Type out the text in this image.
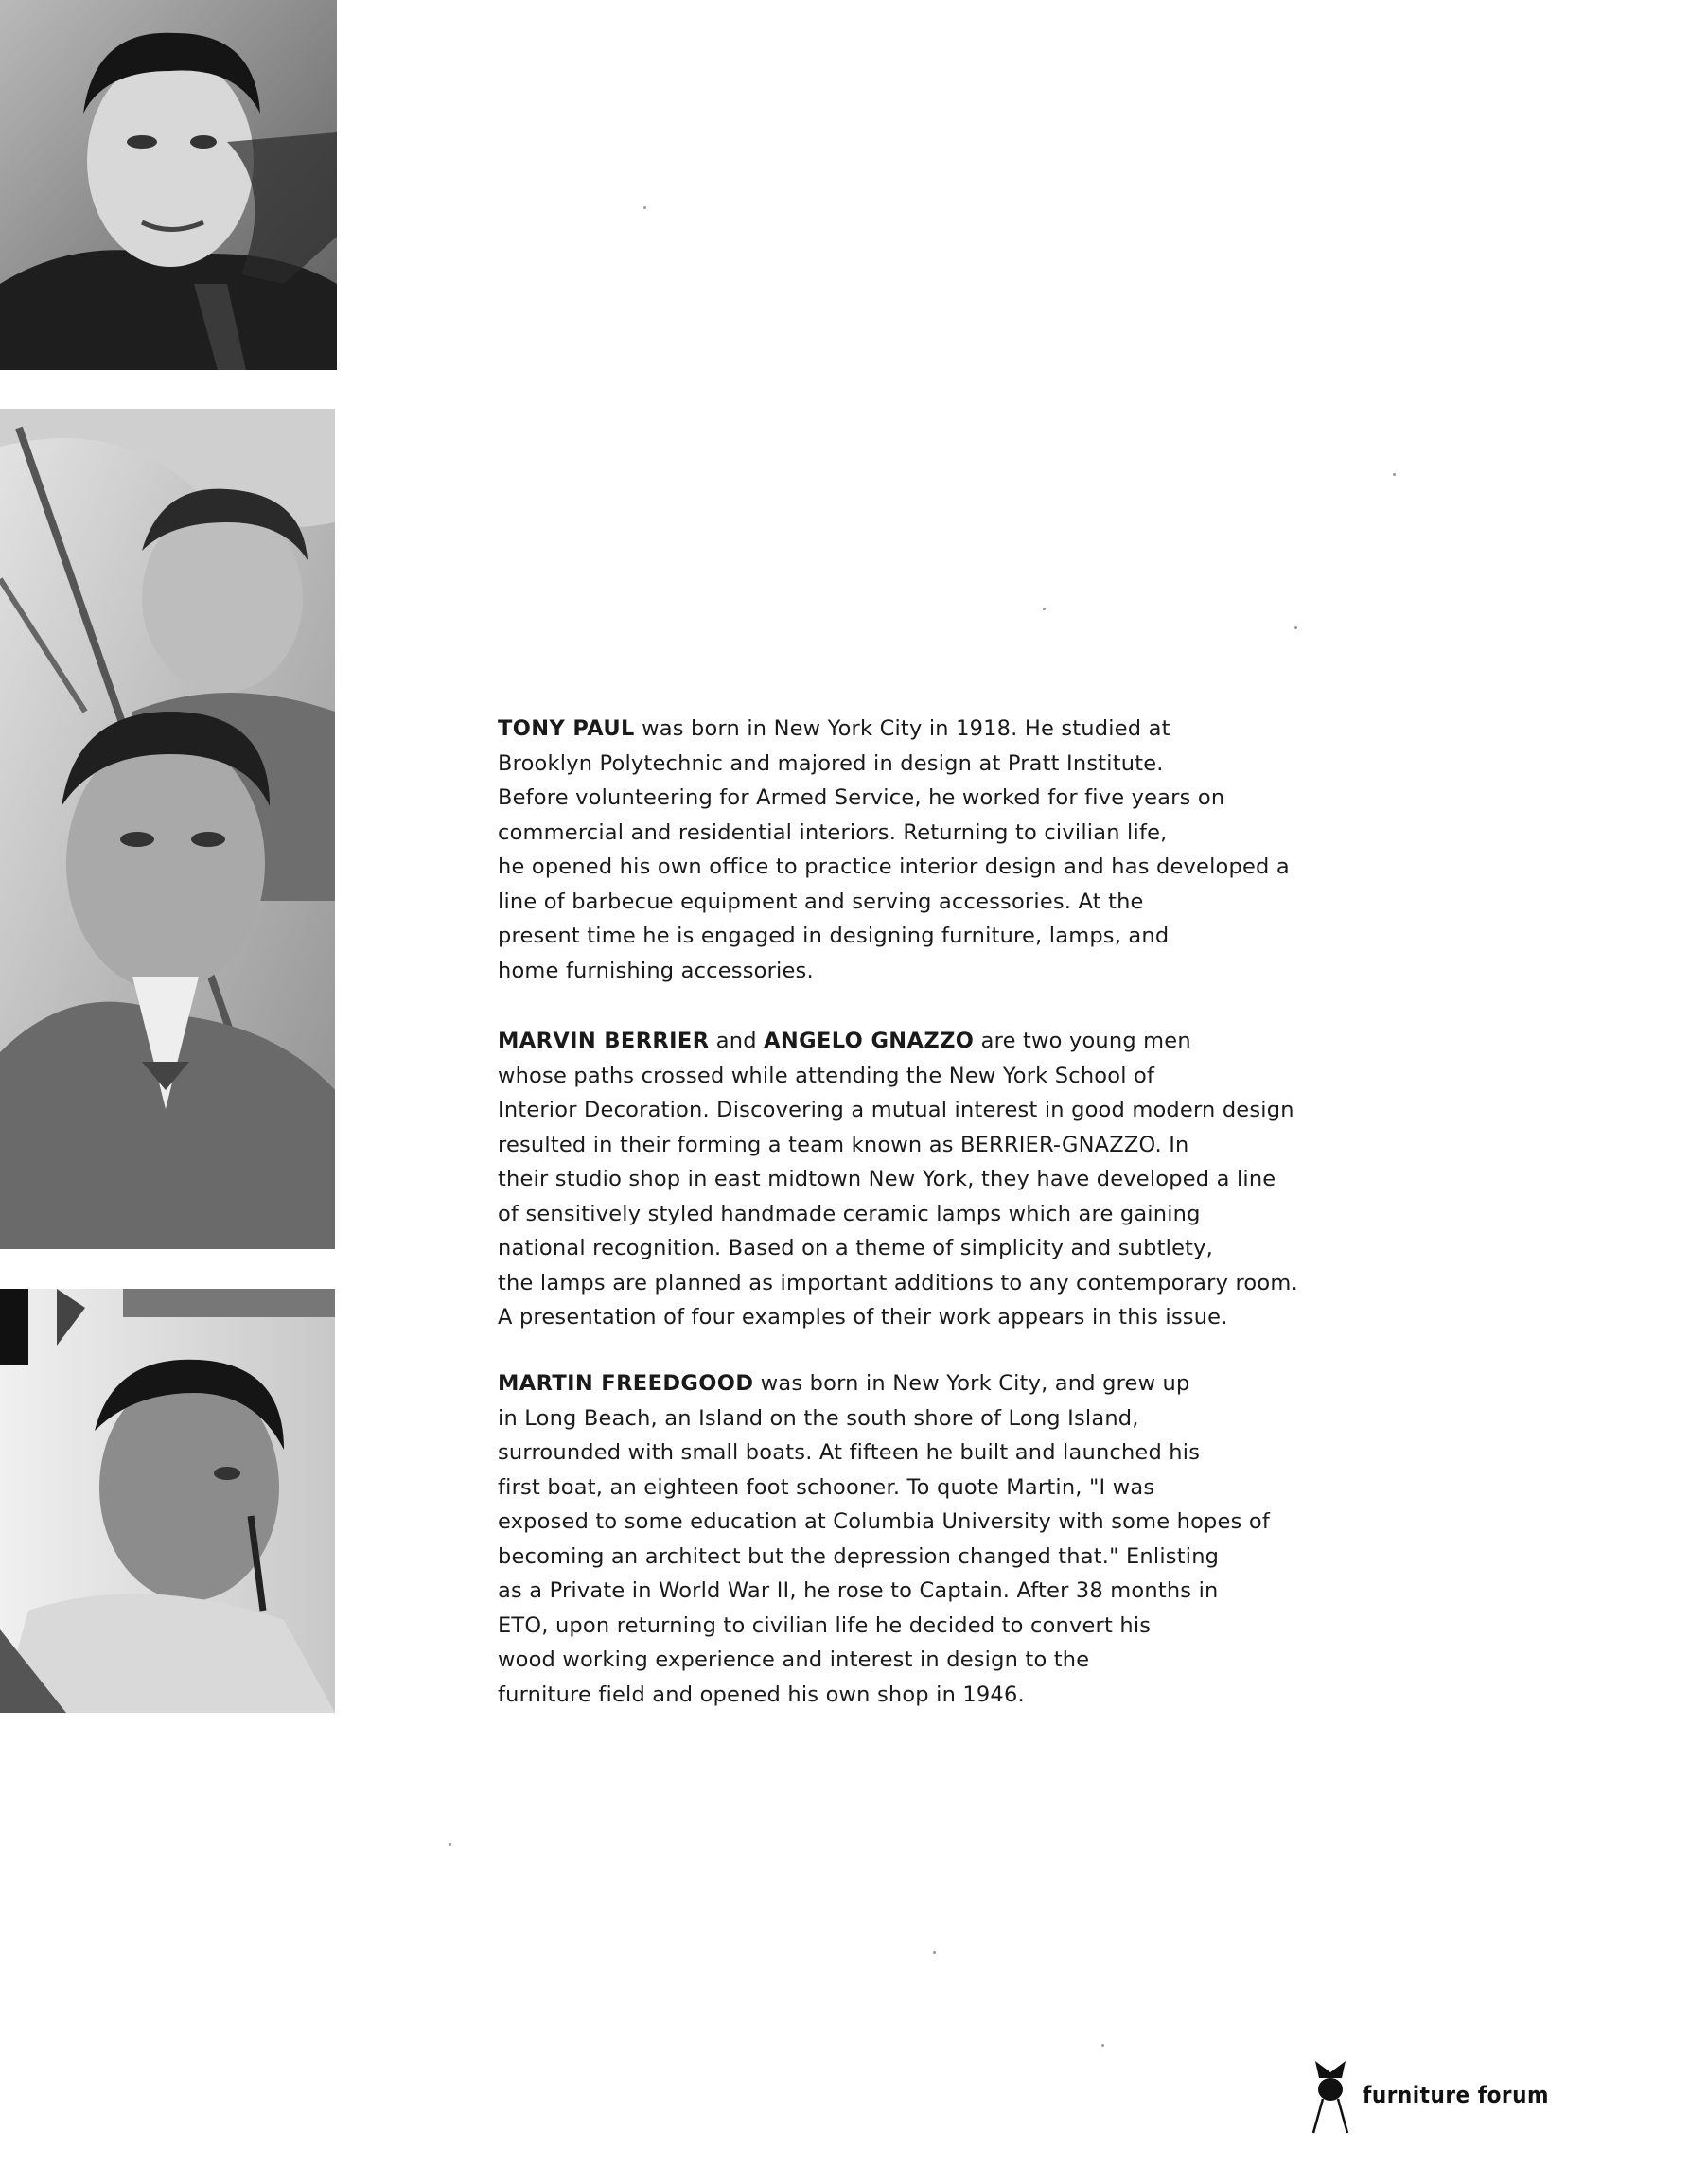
TONY PAUL was born in New York City in 1918. He studied at

Brooklyn Polytechnic and majored in design at Pratt Institute.

Before volunteering for Armed Service, he worked for five years on

commercial and residential interiors. Returning to civilian life,

he opened his own office to practice interior design and has developed a

line of barbecue equipment and serving accessories. At the

present time he is engaged in designing furniture, lamps, and

home furnishing accessories.

MARVIN BERRIER and ANGELO GNAZZO are two young men

whose paths crossed while attending the New York School of

Interior Decoration. Discovering a mutual interest in good modern design

resulted in their forming a team known as BERRIER-GNAZZO. In

their studio shop in east midtown New York, they have developed a line

of sensitively styled handmade ceramic lamps which are gaining

national recognition. Based on a theme of simplicity and subtlety,

the lamps are planned as important additions to any contemporary room.

A presentation of four examples of their work appears in this issue.

MARTIN FREEDGOOD was born in New York City, and grew up

in Long Beach, an Island on the south shore of Long Island,

surrounded with small boats. At fifteen he built and launched his

first boat, an eighteen foot schooner. To quote Martin, "I was

exposed to some education at Columbia University with some hopes of

becoming an architect but the depression changed that." Enlisting

as a Private in World War II, he rose to Captain. After 38 months in

ETO, upon returning to civilian life he decided to convert his

wood working experience and interest in design to the

furniture field and opened his own shop in 1946.

furniture forum
